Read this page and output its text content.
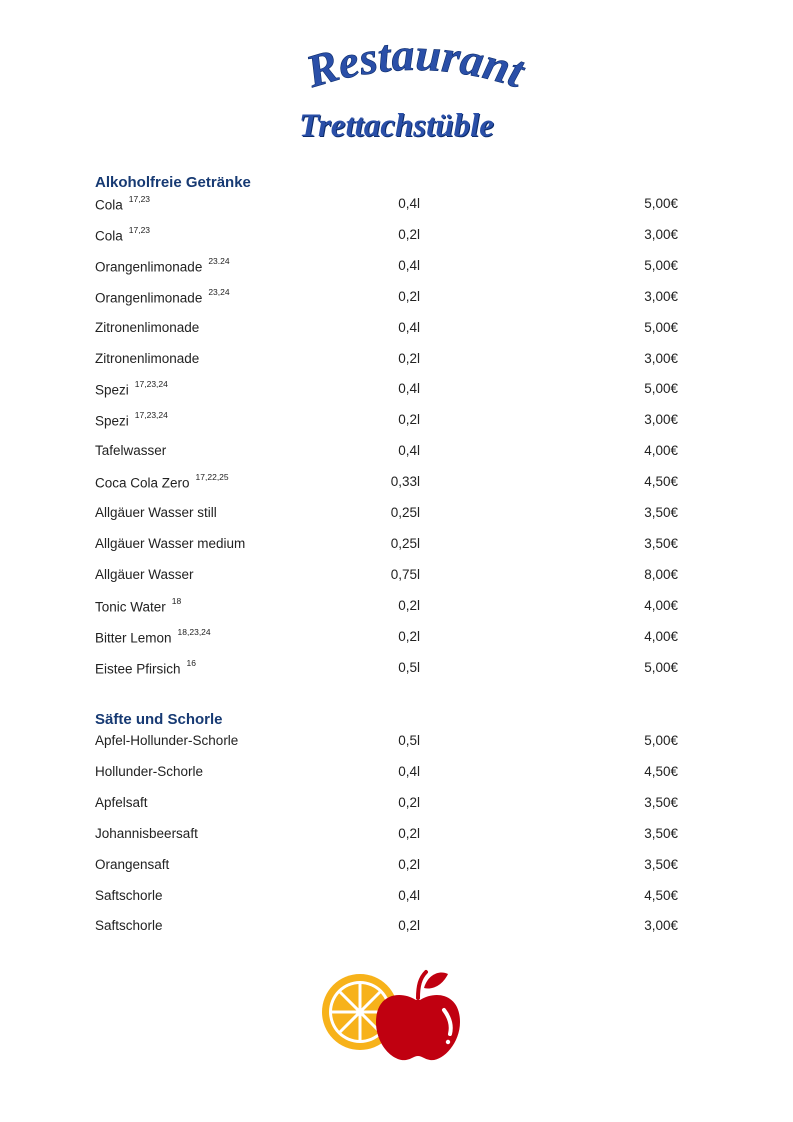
Restaurant
Trettachstüble
Alkoholfreie Getränke
Cola $^{17,23}$	0,4l	5,00€
Cola $^{17,23}$	0,2l	3,00€
Orangenlimonade $^{23.24}$	0,4l	5,00€
Orangenlimonade $^{23,24}$	0,2l	3,00€
Zitronenlimonade	0,4l	5,00€
Zitronenlimonade	0,2l	3,00€
Spezi $^{17,23,24}$	0,4l	5,00€
Spezi $^{17,23,24}$	0,2l	3,00€
Tafelwasser	0,4l	4,00€
Coca Cola Zero $^{17,22,25}$	0,33l	4,50€
Allgäuer Wasser still	0,25l	3,50€
Allgäuer Wasser medium	0,25l	3,50€
Allgäuer Wasser	0,75l	8,00€
Tonic Water $^{18}$	0,2l	4,00€
Bitter Lemon $^{18,23,24}$	0,2l	4,00€
Eistee Pfirsich $^{16}$	0,5l	5,00€
Säfte und Schorle
Apfel-Hollunder-Schorle	0,5l	5,00€
Hollunder-Schorle	0,4l	4,50€
Apfelsaft	0,2l	3,50€
Johannisbeersaft	0,2l	3,50€
Orangensaft	0,2l	3,50€
Saftschorle	0,4l	4,50€
Saftschorle	0,2l	3,00€
